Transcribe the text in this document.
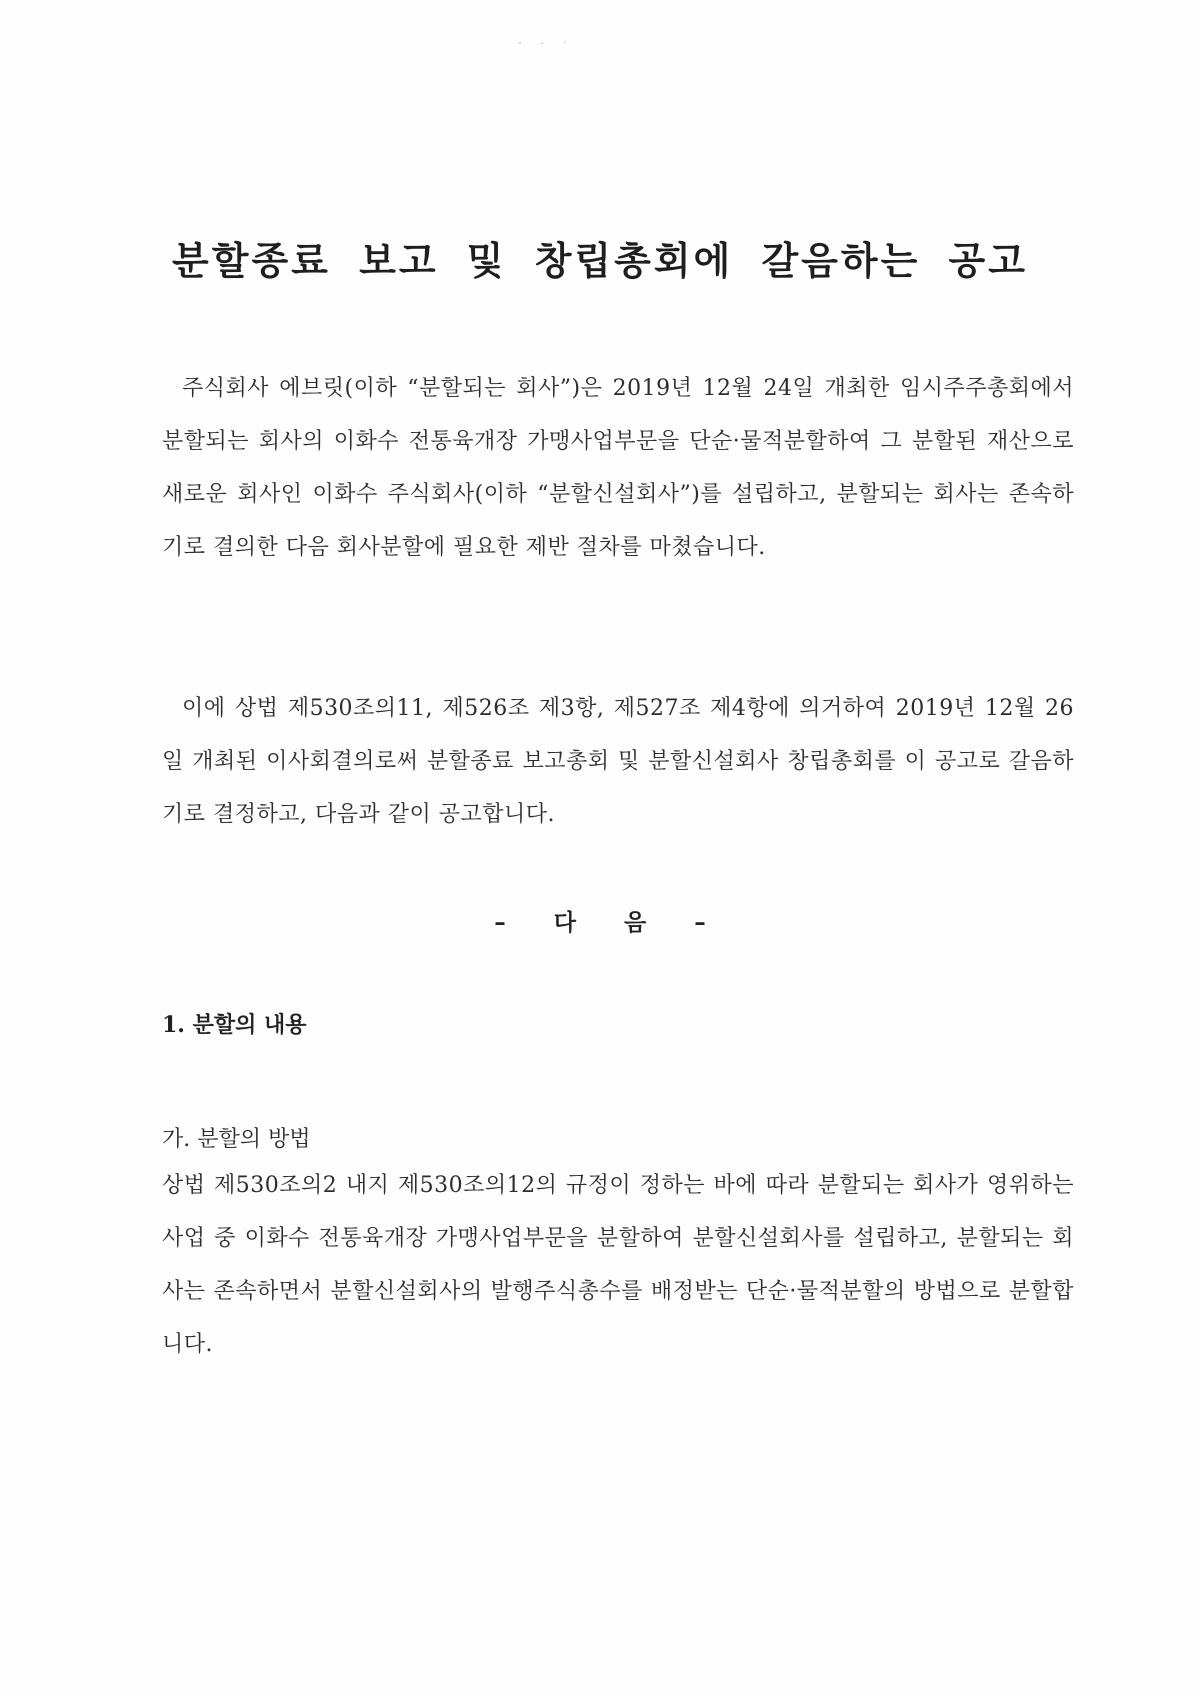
- - ·
분할종료 보고 및 창립총회에 갈음하는 공고
주식회사 에브릿(이하 “분할되는 회사”)은 2019년 12월 24일 개최한 임시주주총회에서 분할되는 회사의 이화수 전통육개장 가맹사업부문을 단순·물적분할하여 그 분할된 재산으로 새로운 회사인 이화수 주식회사(이하 “분할신설회사”)를 설립하고, 분할되는 회사는 존속하기로 결의한 다음 회사분할에 필요한 제반 절차를 마쳤습니다.
이에 상법 제530조의11, 제526조 제3항, 제527조 제4항에 의거하여 2019년 12월 26일 개최된 이사회결의로써 분할종료 보고총회 및 분할신설회사 창립총회를 이 공고로 갈음하기로 결정하고, 다음과 같이 공고합니다.
– 다 음 –
1. 분할의 내용
가. 분할의 방법
상법 제530조의2 내지 제530조의12의 규정이 정하는 바에 따라 분할되는 회사가 영위하는 사업 중 이화수 전통육개장 가맹사업부문을 분할하여 분할신설회사를 설립하고, 분할되는 회사는 존속하면서 분할신설회사의 발행주식총수를 배정받는 단순·물적분할의 방법으로 분할합니다.
